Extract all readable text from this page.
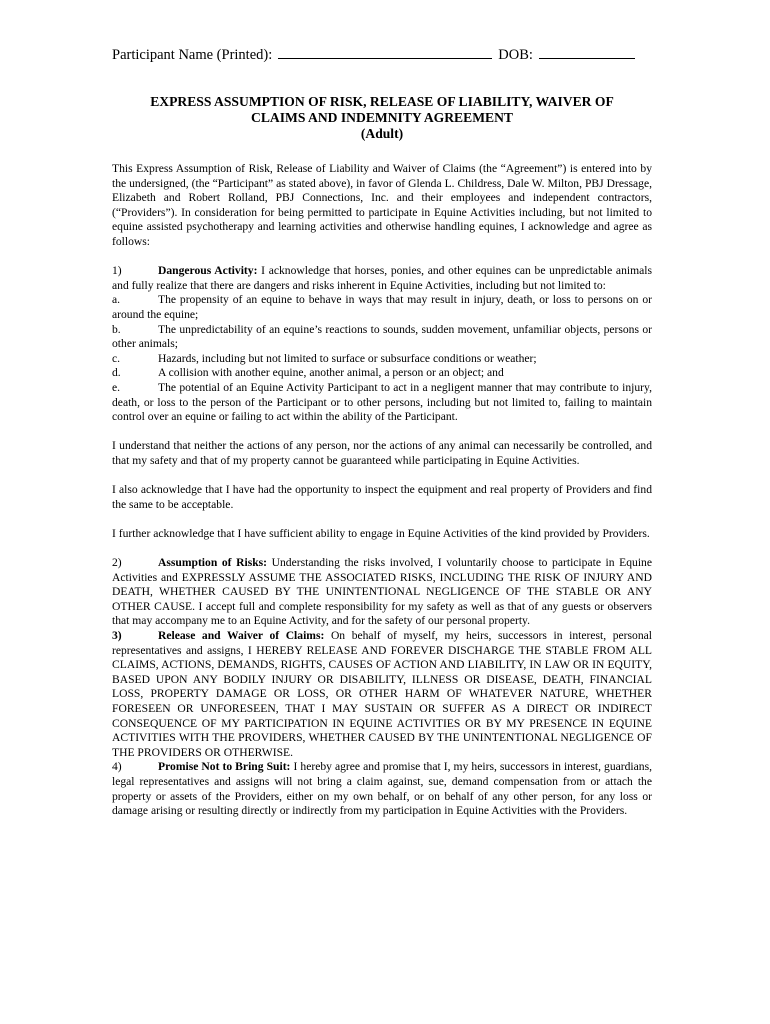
Participant Name (Printed):	DOB:
EXPRESS ASSUMPTION OF RISK, RELEASE OF LIABILITY, WAIVER OF
CLAIMS AND INDEMNITY AGREEMENT
(Adult)

This Express Assumption of Risk, Release of Liability and Waiver of Claims (the “Agreement”) is entered into by the undersigned, (the “Participant” as stated above), in favor of Glenda L. Childress, Dale W. Milton, PBJ Dressage, Elizabeth and Robert Rolland, PBJ Connections, Inc. and their employees and independent contractors, (“Providers”). In consideration for being permitted to participate in Equine Activities including, but not limited to equine assisted psychotherapy and learning activities and otherwise handling equines, I acknowledge and agree as follows:

1)	Dangerous Activity: I acknowledge that horses, ponies, and other equines can be unpredictable animals and fully realize that there are dangers and risks inherent in Equine Activities, including but not limited to:

a.	The propensity of an equine to behave in ways that may result in injury, death, or loss to persons on or around the equine;
b.	The unpredictability of an equine’s reactions to sounds, sudden movement, unfamiliar objects, persons or other animals;
c.	Hazards, including but not limited to surface or subsurface conditions or weather;
d.	A collision with another equine, another animal, a person or an object; and
e.	The potential of an Equine Activity Participant to act in a negligent manner that may contribute to injury, death, or loss to the person of the Participant or to other persons, including but not limited to, failing to maintain control over an equine or failing to act within the ability of the Participant.

I understand that neither the actions of any person, nor the actions of any animal can necessarily be controlled, and that my safety and that of my property cannot be guaranteed while participating in Equine Activities.

I also acknowledge that I have had the opportunity to inspect the equipment and real property of Providers and find the same to be acceptable.

I further acknowledge that I have sufficient ability to engage in Equine Activities of the kind provided by Providers.

2)	Assumption of Risks: Understanding the risks involved, I voluntarily choose to participate in Equine Activities and EXPRESSLY ASSUME THE ASSOCIATED RISKS, INCLUDING THE RISK OF INJURY AND DEATH, WHETHER CAUSED BY THE UNINTENTIONAL NEGLIGENCE OF THE STABLE OR ANY OTHER CAUSE. I accept full and complete responsibility for my safety as well as that of any guests or observers that may accompany me to an Equine Activity, and for the safety of our personal property.

3)	Release and Waiver of Claims: On behalf of myself, my heirs, successors in interest, personal representatives and assigns, I HEREBY RELEASE AND FOREVER DISCHARGE THE STABLE FROM ALL CLAIMS, ACTIONS, DEMANDS, RIGHTS, CAUSES OF ACTION AND LIABILITY, IN LAW OR IN EQUITY, BASED UPON ANY BODILY INJURY OR DISABILITY, ILLNESS OR DISEASE, DEATH, FINANCIAL LOSS, PROPERTY DAMAGE OR LOSS, OR OTHER HARM OF WHATEVER NATURE, WHETHER FORESEEN OR UNFORESEEN, THAT I MAY SUSTAIN OR SUFFER AS A DIRECT OR INDIRECT CONSEQUENCE OF MY PARTICIPATION IN EQUINE ACTIVITIES OR BY MY PRESENCE IN EQUINE ACTIVITIES WITH THE PROVIDERS, WHETHER CAUSED BY THE UNINTENTIONAL NEGLIGENCE OF THE PROVIDERS OR OTHERWISE.

4)	Promise Not to Bring Suit: I hereby agree and promise that I, my heirs, successors in interest, guardians, legal representatives and assigns will not bring a claim against, sue, demand compensation from or attach the property or assets of the Providers, either on my own behalf, or on behalf of any other person, for any loss or damage arising or resulting directly or indirectly from my participation in Equine Activities with the Providers.
